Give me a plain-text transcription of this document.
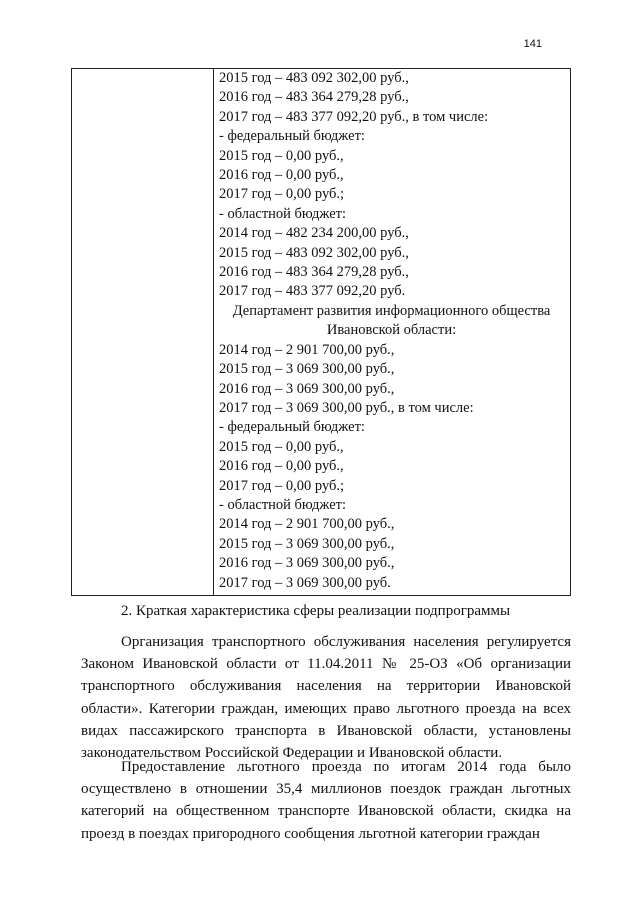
141

2015 год – 483 092 302,00 руб.,
2016 год – 483 364 279,28 руб.,
2017 год – 483 377 092,20 руб., в том числе:
- федеральный бюджет:
2015 год – 0,00 руб.,
2016 год – 0,00 руб.,
2017 год – 0,00 руб.;
- областной бюджет:
2014 год – 482 234 200,00 руб.,
2015 год – 483 092 302,00 руб.,
2016 год – 483 364 279,28 руб.,
2017 год – 483 377 092,20 руб.
Департамент развития информационного общества Ивановской области:
2014 год – 2 901 700,00 руб.,
2015 год – 3 069 300,00 руб.,
2016 год – 3 069 300,00 руб.,
2017 год – 3 069 300,00 руб., в том числе:
- федеральный бюджет:
2015 год – 0,00 руб.,
2016 год – 0,00 руб.,
2017 год – 0,00 руб.;
- областной бюджет:
2014 год – 2 901 700,00 руб.,
2015 год – 3 069 300,00 руб.,
2016 год – 3 069 300,00 руб.,
2017 год – 3 069 300,00 руб.
2. Краткая характеристика сферы реализации подпрограммы

Организация транспортного обслуживания населения регулируется Законом Ивановской области от 11.04.2011 № 25-ОЗ «Об организации транспортного обслуживания населения на территории Ивановской области». Категории граждан, имеющих право льготного проезда на всех видах пассажирского транспорта в Ивановской области, установлены законодательством Российской Федерации и Ивановской области.

Предоставление льготного проезда по итогам 2014 года было осуществлено в отношении 35,4 миллионов поездок граждан льготных категорий на общественном транспорте Ивановской области, скидка на проезд в поездах пригородного сообщения льготной категории граждан
